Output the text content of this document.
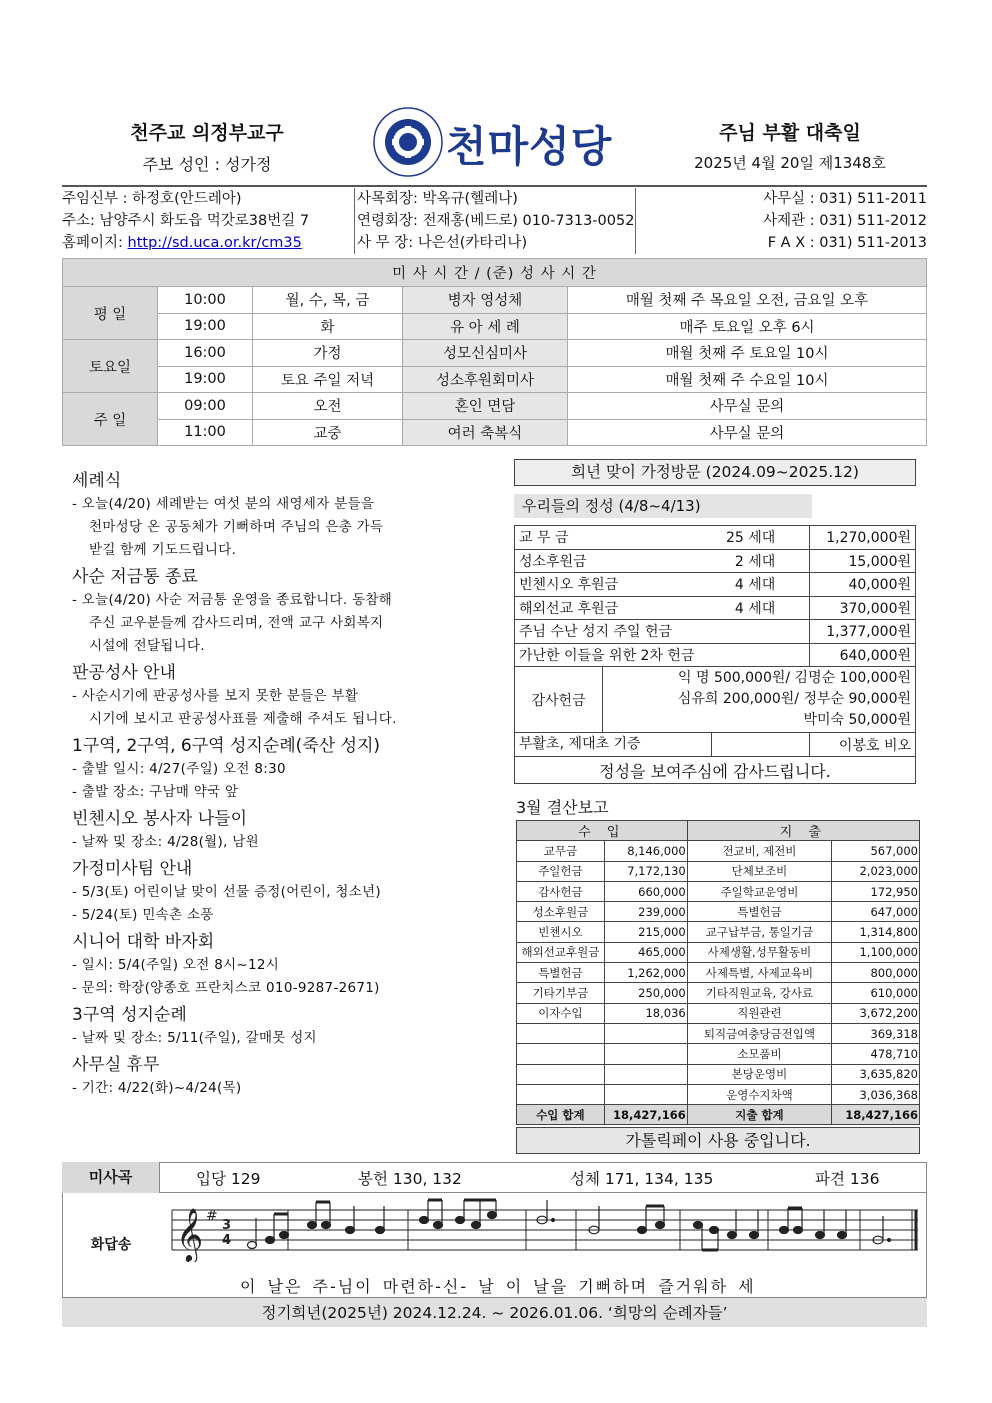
천주교 의정부교구
주보 성인 : 성가정	천마성당	주님 부활 대축일
2025년 4월 20일 제1348호
주임신부 : 하정호(안드레아)
주소: 남양주시 화도읍 먹갓로38번길 7
홈페이지: http://sd.uca.or.kr/cm35
사목회장: 박옥규(헬레나)
연령회장: 전재홍(베드로) 010-7313-0052
사 무 장: 나은선(카타리나)
사무실 : 031) 511-2011
사제관 : 031) 511-2012
F A X : 031) 511-2013
미 사 시 간 / (준) 성 사 시 간				
평 일	10:00	월, 수, 목, 금	병자 영성체	매월 첫째 주 목요일 오전, 금요일 오후
	19:00	화	유 아 세 례	매주 토요일 오후 6시
토요일	16:00	가정	성모신심미사	매월 첫째 주 토요일 10시
	19:00	토요 주일 저녁	성소후원회미사	매월 첫째 주 수요일 10시
주 일	09:00	오전	혼인 면담	사무실 문의
	11:00	교중	여러 축복식	사무실 문의
세례식
- 오늘(4/20) 세례받는 여섯 분의 새영세자 분들을
천마성당 온 공동체가 기뻐하며 주님의 은총 가득
받길 함께 기도드립니다.
사순 저금통 종료
- 오늘(4/20) 사순 저금통 운영을 종료합니다. 동참해
주신 교우분들께 감사드리며, 전액 교구 사회복지
시설에 전달됩니다.
판공성사 안내
- 사순시기에 판공성사를 보지 못한 분들은 부활
시기에 보시고 판공성사표를 제출해 주셔도 됩니다.
1구역, 2구역, 6구역 성지순례(죽산 성지)
- 출발 일시: 4/27(주일) 오전 8:30
- 출발 장소: 구남매 약국 앞
빈첸시오 봉사자 나들이
- 날짜 및 장소: 4/28(월), 남원
가정미사팀 안내
- 5/3(토) 어린이날 맞이 선물 증정(어린이, 청소년)
- 5/24(토) 민속촌 소풍
시니어 대학 바자회
- 일시: 5/4(주일) 오전 8시~12시
- 문의: 학장(양종호 프란치스코 010-9287-2671)
3구역 성지순례
- 날짜 및 장소: 5/11(주일), 갈매못 성지
사무실 휴무
- 기간: 4/22(화)~4/24(목)
희년 맞이 가정방문 (2024.09~2025.12)
우리들의 정성 (4/8~4/13)
교 무 금 25 세대		1,270,000원
성소후원금 2 세대		15,000원
빈첸시오 후원금 4 세대		40,000원
해외선교 후원금 4 세대		370,000원
주님 수난 성지 주일 헌금		1,377,000원
가난한 이들을 위한 2차 헌금		640,000원
감사헌금	익 명 500,000원/ 김명순 100,000원
심유희 200,000원/ 정부순 90,000원
박미숙 50,000원	

부활초, 제대초 기증		이봉호 비오
정성을 보여주심에 감사드립니다.		
3월 결산보고
수 입		지 출	
교무금	8,146,000	전교비, 제전비	567,000
주일헌금	7,172,130	단체보조비	2,023,000
감사헌금	660,000	주일학교운영비	172,950
성소후원금	239,000	특별헌금	647,000
빈첸시오	215,000	교구납부금, 통일기금	1,314,800
해외선교후원금	465,000	사제생활,성무활동비	1,100,000
특별헌금	1,262,000	사제특별, 사제교육비	800,000
기타기부금	250,000	기타직원교육, 강사료	610,000
이자수입	18,036	직원관련	3,672,200
		퇴직금여충당금전입액	369,318
		소모품비	478,710
		본당운영비	3,635,820
		운영수지차액	3,036,368
수입 합계	18,427,166	지출 합계	18,427,166
가톨릭페이 사용 중입니다.
미사곡	입당 129	봉헌 130, 132	성체 171, 134, 135	파견 136
화답송 𝄞 #
3
4
이 날은 주-님이 마련하-신- 날 이 날을 기뻐하며 즐거워하 세
정기희년(2025년) 2024.12.24. ~ 2026.01.06. ‘희망의 순례자들’
